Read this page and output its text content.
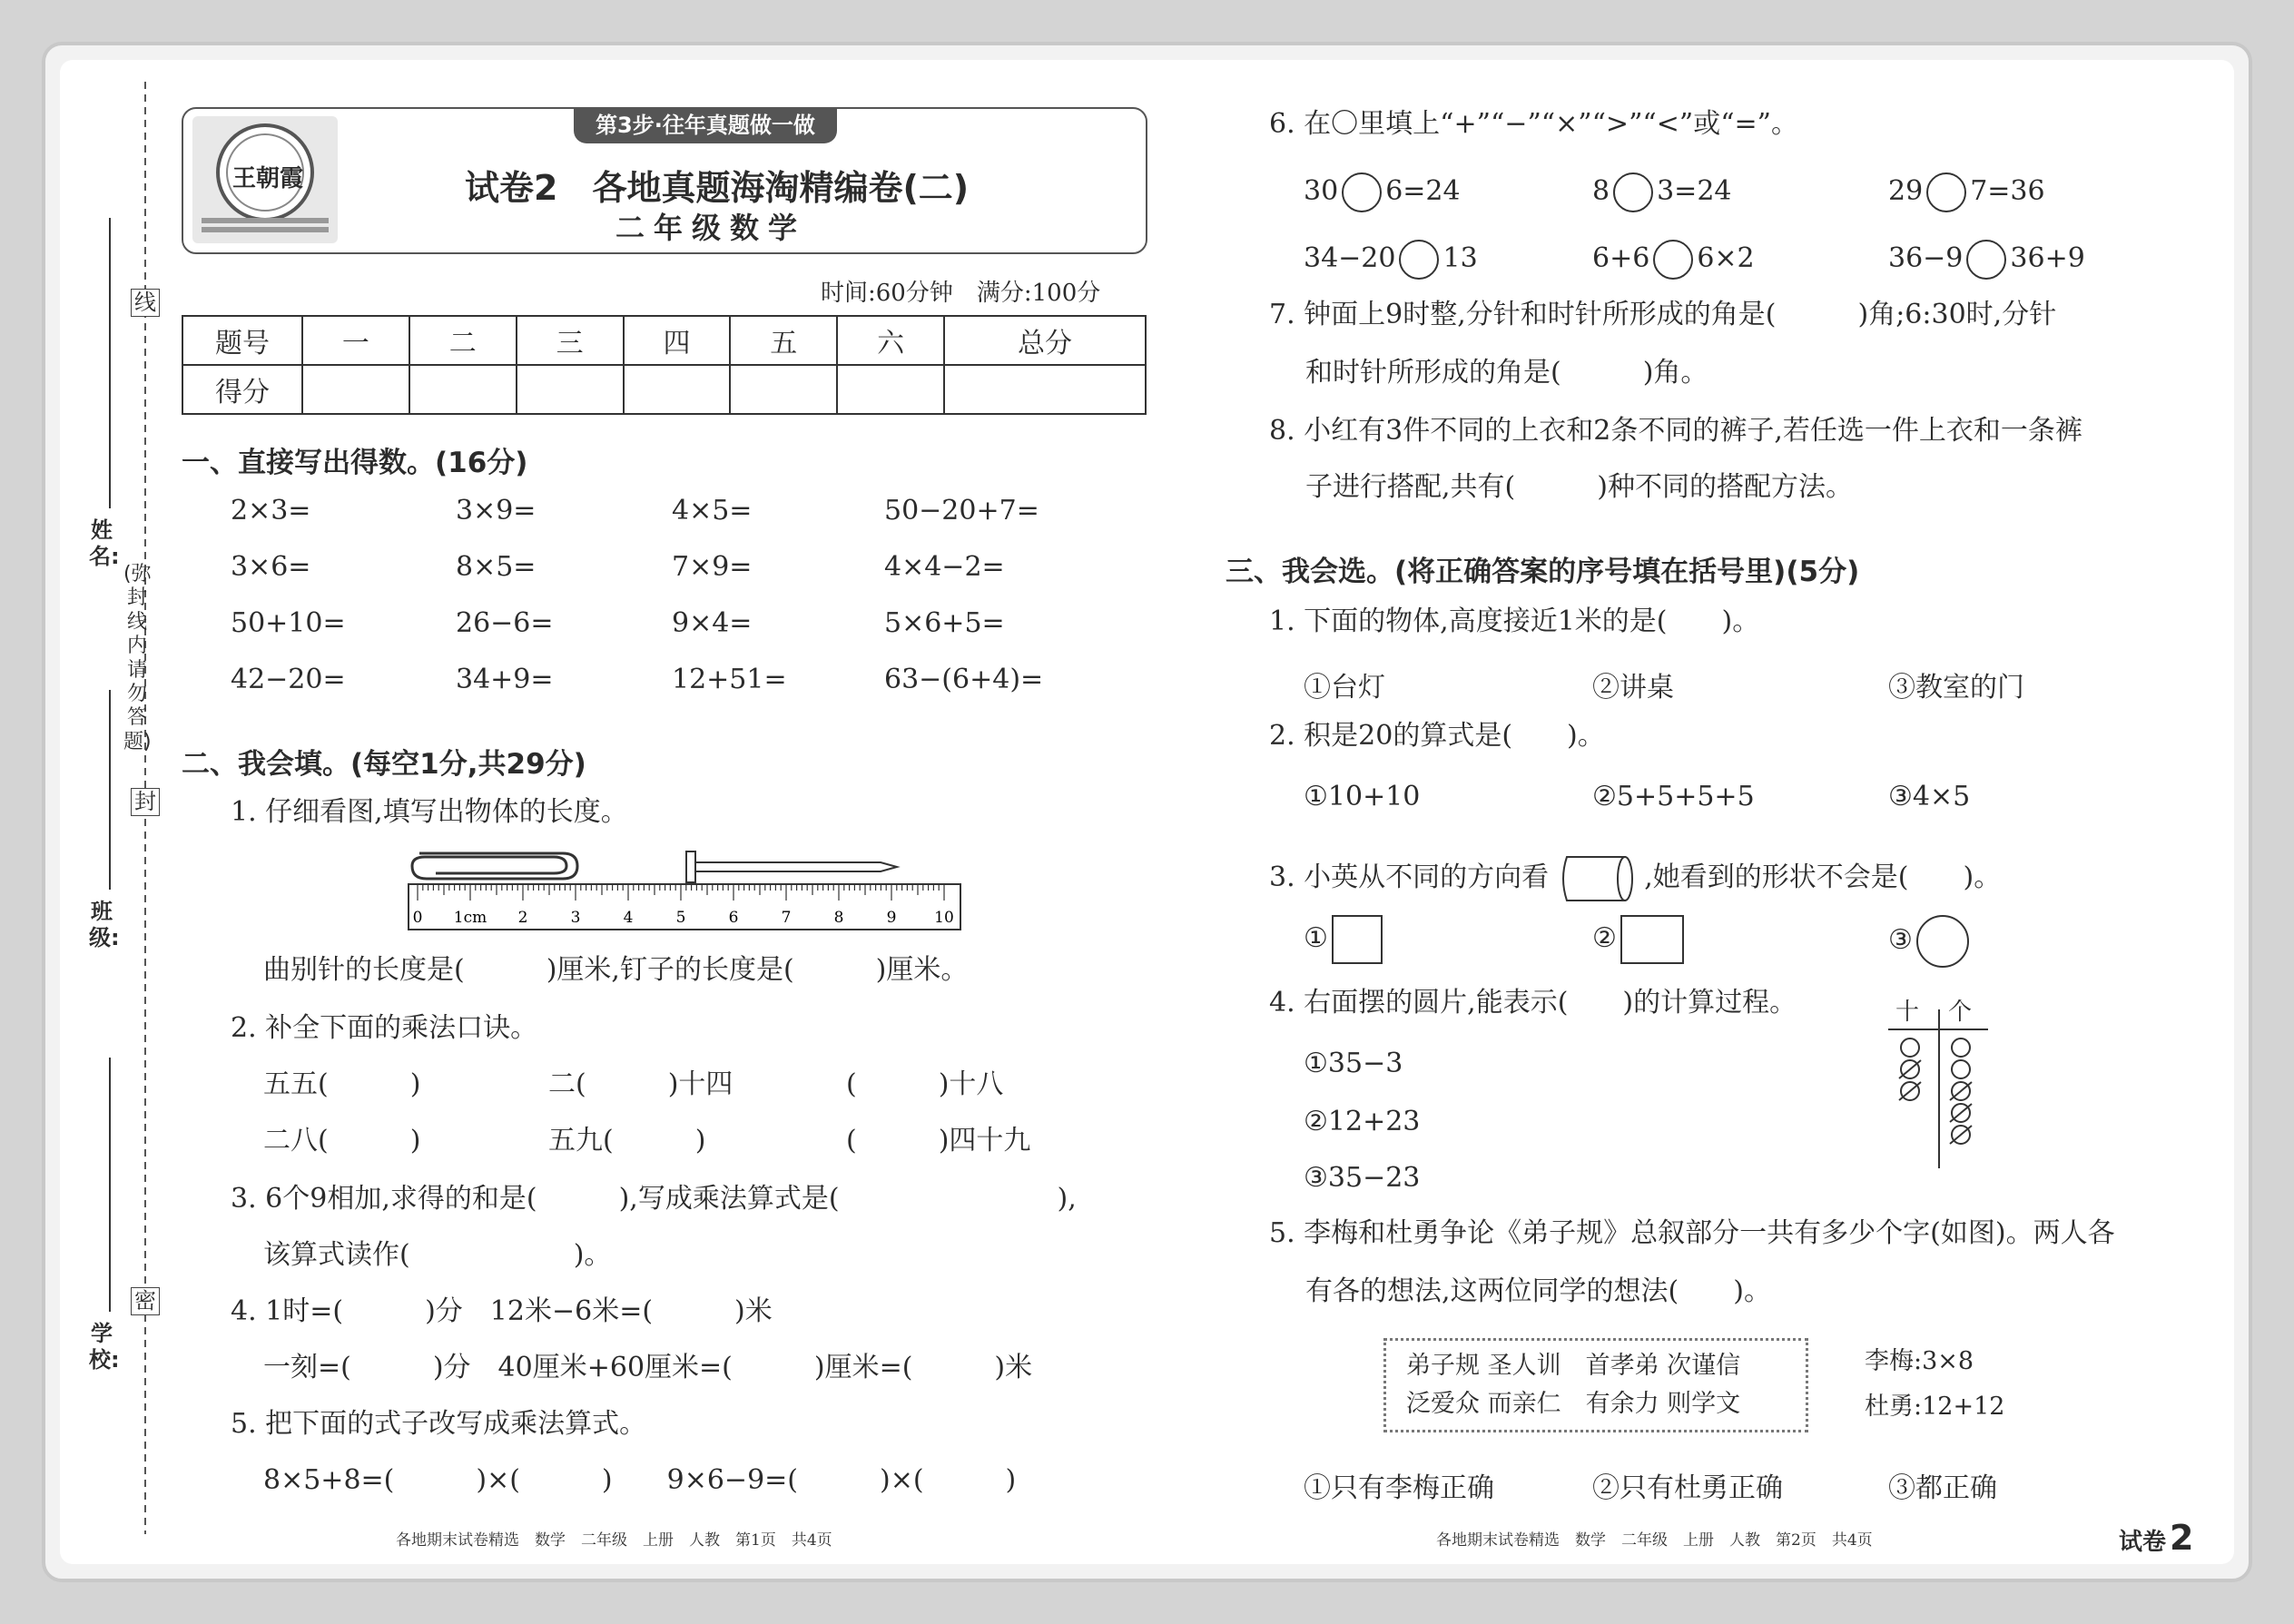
线
封
密
(弥封线内请勿答题)
姓名:
班级:
学校:
王朝霞
第3步·往年真题做一做
试卷2　各地真题海淘精编卷(二)
二年级数学
时间:60分钟　满分:100分
题号	一	二	三	四	五	六	总分
得分							
一、直接写出得数。(16分)
2×3=	3×9=	4×5=	50−20+7=
3×6=	8×5=	7×9=	4×4−2=
50+10=	26−6=	9×4=	5×6+5=
42−20=	34+9=	12+51=	63−(6+4)=
二、我会填。(每空1分,共29分)
1. 仔细看图,填写出物体的长度。
0 1cm 2	3	4	5	6	7	8	9 10
曲别针的长度是(　　　)厘米,钉子的长度是(　　　)厘米。
2. 补全下面的乘法口诀。
五五(　　　)	二(　　　)十四	(　　　)十八
二八(　　　)	五九(　　　)	(　　　)四十九
3. 6个9相加,求得的和是(　　　),写成乘法算式是(　　　　　　　　),
该算式读作(　　　　　　)。
4. 1时=(　　　)分　12米−6米=(　　　)米
一刻=(　　　)分　40厘米+60厘米=(　　　)厘米=(　　　)米
5. 把下面的式子改写成乘法算式。
8×5+8=(　　　)×(　　　)　　9×6−9=(　　　)×(　　　)
各地期末试卷精选　数学　二年级　上册　人教　第1页　共4页
6. 在〇里填上“+”“−”“×”“>”“<”或“=”。
30 6=24	8 3=24	29 7=36
34−20 13	6+6 6×2	36−9 36+9
7. 钟面上9时整,分针和时针所形成的角是(　　　)角;6:30时,分针
和时针所形成的角是(　　　)角。
8. 小红有3件不同的上衣和2条不同的裤子,若任选一件上衣和一条裤
子进行搭配,共有(　　　)种不同的搭配方法。
三、我会选。(将正确答案的序号填在括号里)(5分)
1. 下面的物体,高度接近1米的是(　　)。
①台灯	②讲桌	③教室的门
2. 积是20的算式是(　　)。
①10+10	②5+5+5+5	③4×5
3. 小英从不同的方向看	,她看到的形状不会是(　　)。
①	②	③
4. 右面摆的圆片,能表示(　　)的计算过程。
①35−3
②12+23
③35−23
十 个
5. 李梅和杜勇争论《弟子规》总叙部分一共有多少个字(如图)。两人各
有各的想法,这两位同学的想法(　　)。
弟子规 圣人训　首孝弟 次谨信
泛爱众 而亲仁　有余力 则学文
李梅:3×8
杜勇:12+12
①只有李梅正确	②只有杜勇正确	③都正确
各地期末试卷精选　数学　二年级　上册　人教　第2页　共4页	试卷 2
